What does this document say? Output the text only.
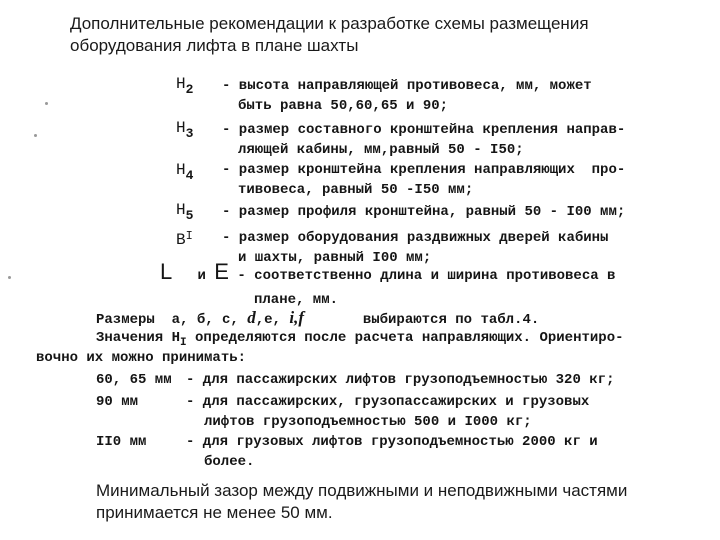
Дополнительные рекомендации к разработке схемы размещения
оборудования лифта в плане шахты
$H_2$ - высота направляющей противовеса, мм, может
быть равна 50,60,65 и 90;
$H_3$ - размер составного кронштейна крепления направ-
ляющей кабины, мм,равный 50 - I50;
$H_4$ - размер кронштейна крепления направляющих  про-
тивовеса, равный 50 -I50 мм;
$H_5$ - размер профиля кронштейна, равный 50 - I00 мм;
$B^I$ - размер оборудования раздвижных дверей кабины
и шахты, равный I00 мм;
L и E - соответственно длина и ширина противовеса в
плане, мм.
Размеры  а, б, с, d,е, i,f	выбираются по табл.4.
Значения $H_I$ определяются после расчета направляющих. Ориентиро-
вочно их можно принимать:
60, 65 мм - для пассажирских лифтов грузоподъемностью 320 кг;
90 мм	- для пассажирских, грузопассажирских и грузовых
лифтов грузоподъемностью 500 и I000 кг;
II0 мм	- для грузовых лифтов грузоподъемностью 2000 кг и
более.
Минимальный зазор между подвижными и неподвижными частями
принимается не менее 50 мм.
